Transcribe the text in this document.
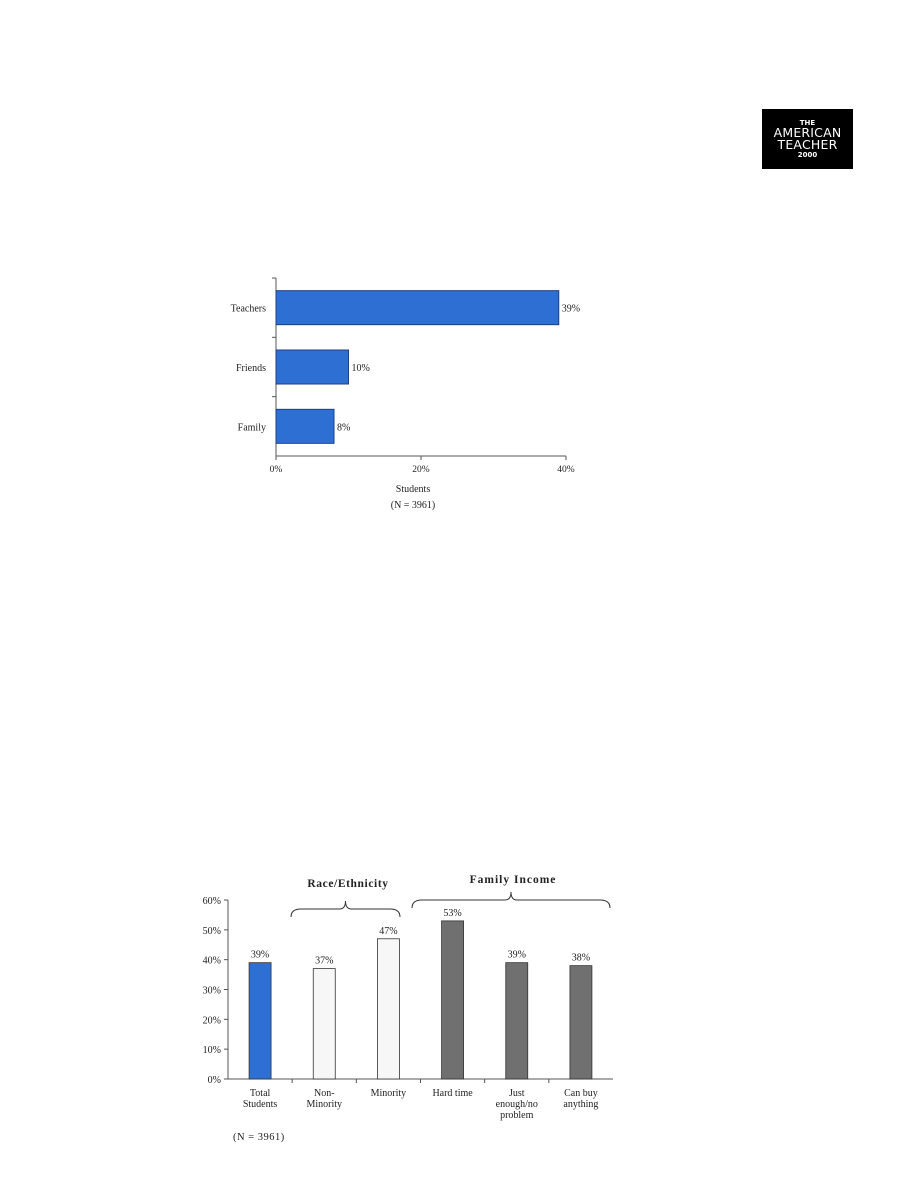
THE
AMERICAN
TEACHER
2000
Teachers	39%
Friends	10%
Family	8%
0%	20%	40%
Students
(N = 3961)
0%
10%
20%
30%
40%
50%
60%
39%
Total
Students
37%
Non-
Minority
47%
Minority
53%
Hard time
39%
Just
enough/no
problem
38%
Can buy
anything
(N = 3961)
Race/Ethnicity	Family Income
